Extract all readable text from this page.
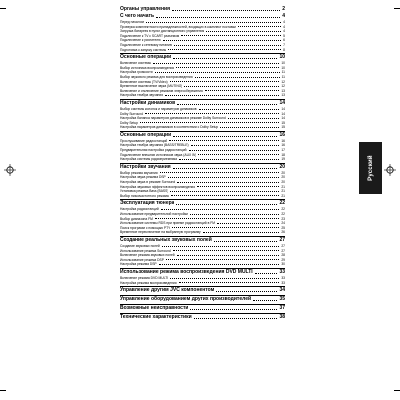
Органы управления	2
С чего начать	4
Перед началом	4
Проверка комплектности принадлежностей, входящих в комплект поставки	4
Загрузка батареек в пульт дистанционного управления	4
Подключение к TV с SCART разъемом	5
Подключение к усилителю	6
Подключение к сетевому питанию	7
Подготовка к запуску системы	8
Основные операции	10
Включение системы	10
Выбор источника воспроизведения	10
Настройка громкости	11
Выбор звукового режима для воспроизведения	11
Включение системы (TV/Video)	12
Временное выключение звука (MUTING)	12
Включение и отключение режимов энергосбережения	13
Настройка тембра звучания	13
Настройки динамиков	14
Выбор системы колонок и параметров динамиков	14
Dolby Surround	14
Настройка баланса параметров динамиков в режиме Dolby Surround	14
Dolby Setup	15
Настройка параметров динамиков в соответствии с Dolby Setup	15
Основные операции	16
Прослушивание радиостанций	16
Настройка тембра звучания (BASS/TREBLE)	16
Предварительная настройка радиостанций	17
Подключение внешних источников звука (AUX IN)	18
Настройка системы радиоприемника	19
Настройки звучания	20
Выбор режима звучания	20
Настройка звука режима DSP	20
Настройка звука в режиме Surround	20
Настройка звуковых эффектов воспроизведения	21
Установка режима Bass (BASS)	21
Выбор низкочастотного режима	21
Эксплуатация тюнера	22
Настройка радиостанций	22
Использование предварительной настройки	22
Выбор диапазона FM	23
Использование системы RDS при приеме радиостанций в FM	24
Поиск программ с помощью PTY	25
Временное переключение на выбранную программу	26
Создание реальных звуковых полей	27
Создание звуковых полей	27
Использование режима Surround	27
Включение режима звуковых полей	28
Использование режима DSP	29
Настройка режима DSP	30
Использование режима воспроизведения DVD MULTI	33
Включение режима DVD MULTI	33
Настройка режима воспроизведения	33
Управление другим JVC компонентом	34
Управление оборудованием других производителей	35
Возможные неисправности	37
Технические характеристики	38
Русский
